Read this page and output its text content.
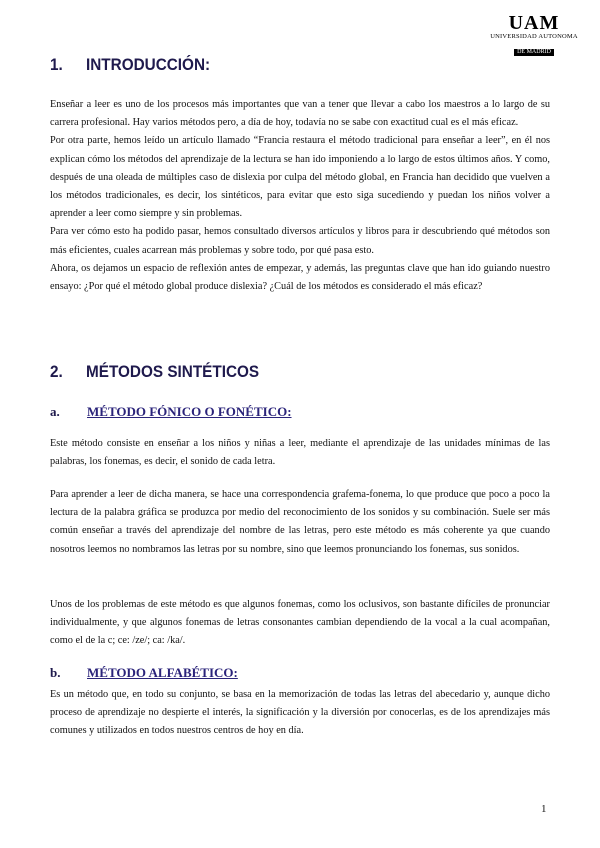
UAM
UNIVERSIDAD AUTONOMA
DE MADRID
1. INTRODUCCIÓN:

Enseñar a leer es uno de los procesos más importantes que van a tener que llevar a cabo los maestros a lo largo de su carrera profesional. Hay varios métodos pero, a día de hoy, todavía no se sabe con exactitud cual es el más eficaz.

Por otra parte, hemos leído un artículo llamado “Francia restaura el método tradicional para enseñar a leer”, en él nos explican cómo los métodos del aprendizaje de la lectura se han ido imponiendo a lo largo de estos últimos años. Y como, después de una oleada de múltiples caso de dislexia por culpa del método global, en Francia han decidido que vuelven a los métodos tradicionales, es decir, los sintéticos, para evitar que esto siga sucediendo y puedan los niños volver a aprender a leer como siempre y sin problemas.

Para ver cómo esto ha podido pasar, hemos consultado diversos artículos y libros para ir descubriendo qué métodos son más eficientes, cuales acarrean más problemas y sobre todo, por qué pasa esto.

Ahora, os dejamos un espacio de reflexión antes de empezar, y además, las preguntas clave que han ido guiando nuestro ensayo: ¿Por qué el método global produce dislexia? ¿Cuál de los métodos es considerado el más eficaz?

2. MÉTODOS SINTÉTICOS
a. MÉTODO FÓNICO O FONÉTICO:
Este método consiste en enseñar a los niños y niñas a leer, mediante el aprendizaje de las unidades mínimas de las palabras, los fonemas, es decir, el sonido de cada letra.
Para aprender a leer de dicha manera, se hace una correspondencia grafema-fonema, lo que produce que poco a poco la lectura de la palabra gráfica se produzca por medio del reconocimiento de los sonidos y su combinación. Suele ser más común enseñar a través del aprendizaje del nombre de las letras, pero este método es más coherente ya que cuando nosotros leemos no nombramos las letras por su nombre, sino que leemos pronunciando los fonemas, sus sonidos.
Unos de los problemas de este método es que algunos fonemas, como los oclusivos, son bastante difíciles de pronunciar individualmente, y que algunos fonemas de letras consonantes cambian dependiendo de la vocal a la cual acompañan, como el de la c; ce: /ze/; ca: /ka/.
b. MÉTODO ALFABÉTICO:
Es un método que, en todo su conjunto, se basa en la memorización de todas las letras del abecedario y, aunque dicho proceso de aprendizaje no despierte el interés, la significación y la diversión por conocerlas, es de los aprendizajes más comunes y utilizados en todos nuestros centros de hoy en día.
1
